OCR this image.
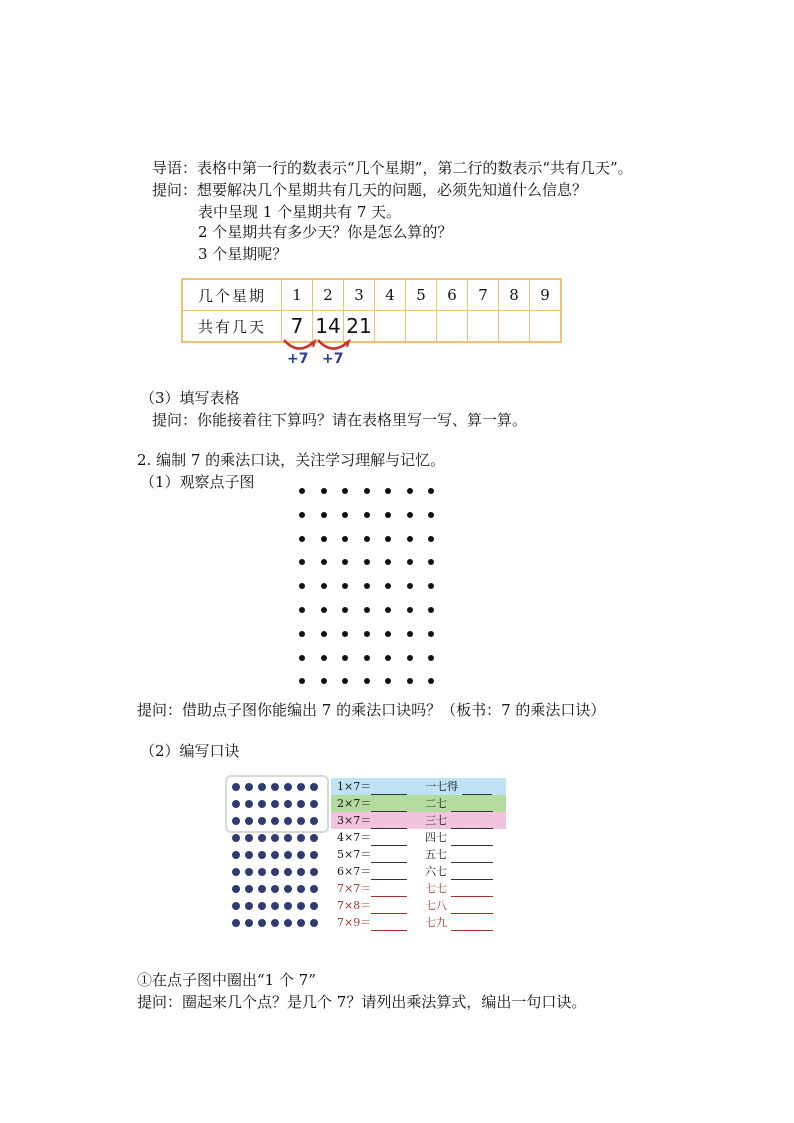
导语：表格中第一行的数表示“几个星期”，第二行的数表示“共有几天”。
提问：想要解决几个星期共有几天的问题，必须先知道什么信息？
表中呈现 1 个星期共有 7 天。
2 个星期共有多少天？你是怎么算的？
3 个星期呢？
几个星期	1	2	3	4	5	6	7	8	9
共有几天	7	14	21						
+7 +7
（3）填写表格
提问：你能接着往下算吗？请在表格里写一写、算一算。
2. 编制 7 的乘法口诀，关注学习理解与记忆。
（1）观察点子图
提问：借助点子图你能编出 7 的乘法口诀吗？（板书：7 的乘法口诀）
（2）编写口诀
1×7＝	一七得
2×7＝	二七
3×7＝	三七
4×7＝	四七
5×7＝	五七
6×7＝	六七
7×7＝	七七
7×8＝	七八
7×9＝	七九
①在点子图中圈出“1 个 7”
提问：圈起来几个点？是几个 7？请列出乘法算式，编出一句口诀。
